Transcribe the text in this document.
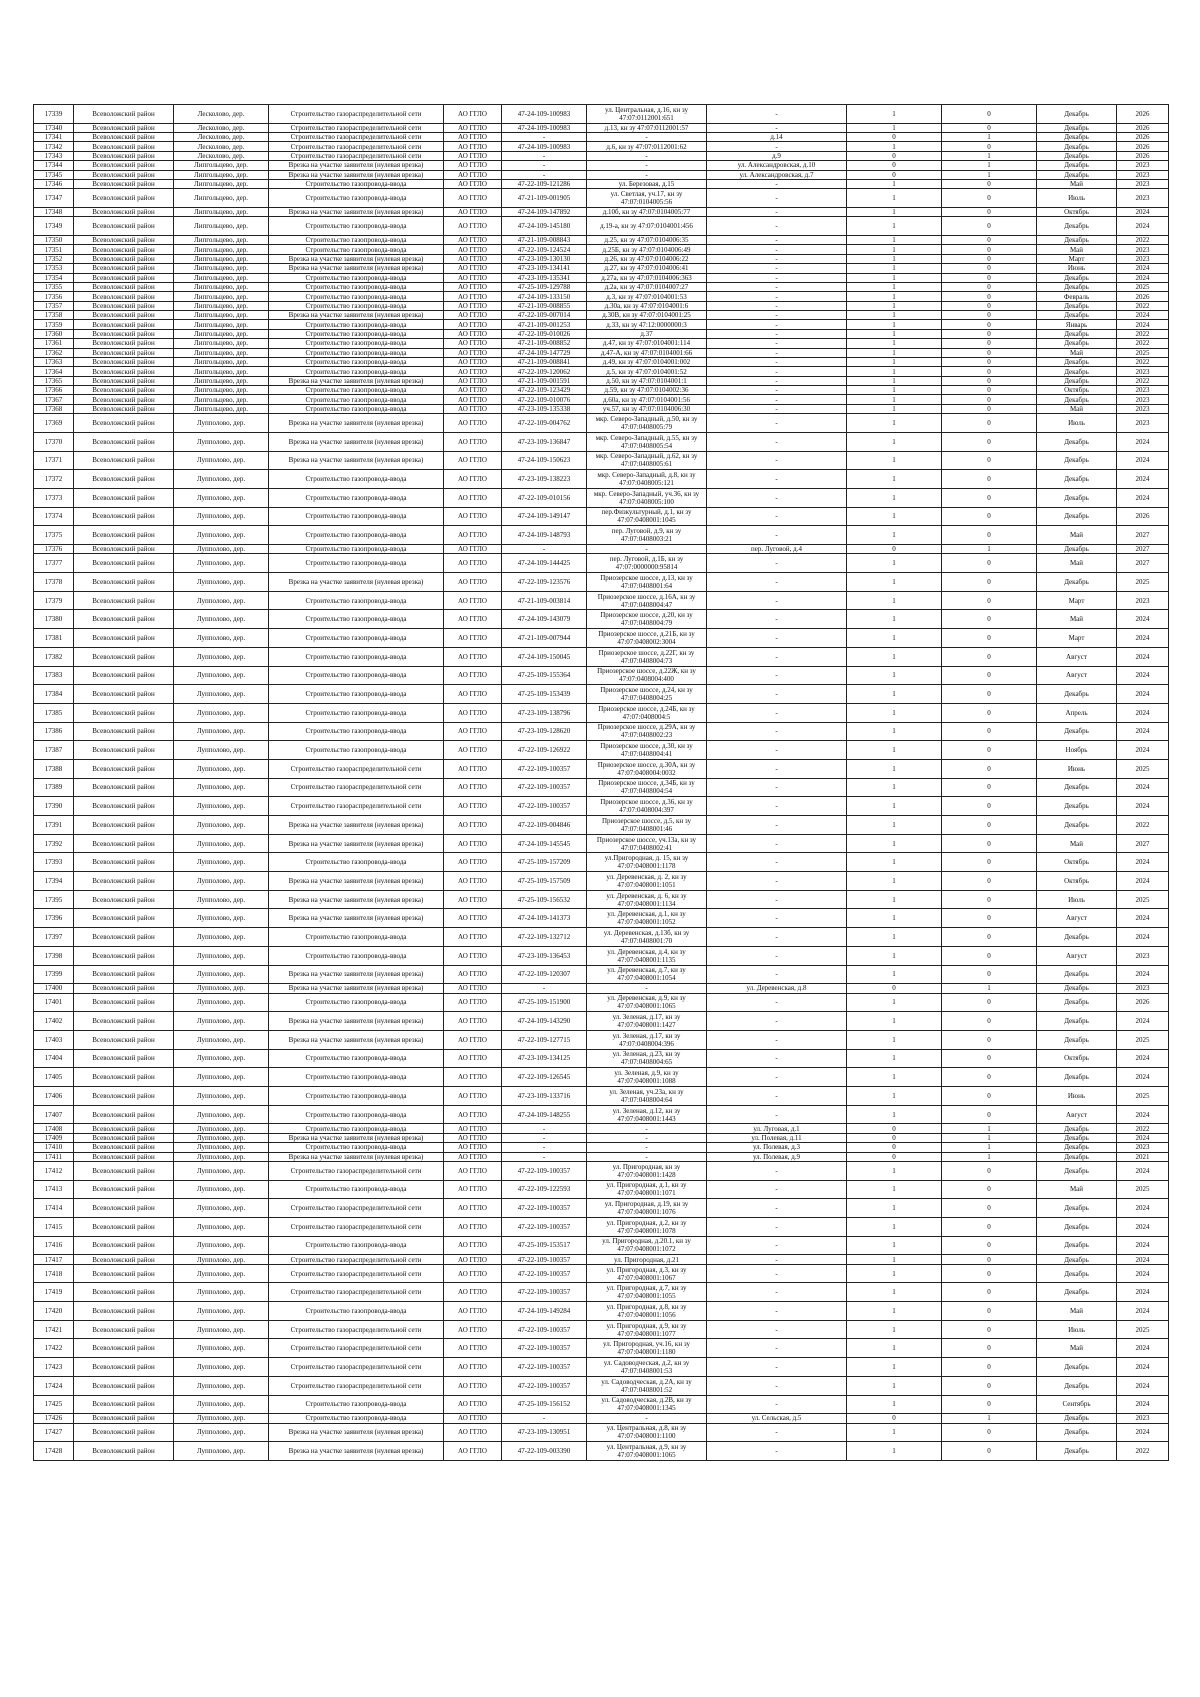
17339	Всеволожский район	Лесколово, дер.	Строительство газораспределительной сети	АО ГГЛО	47-24-109-100983	ул. Центральная, д.16, кн зу 47:07:0112001:651	-	1	0	Декабрь	2026
17340	Всеволожский район	Лесколово, дер.	Строительство газораспределительной сети	АО ГГЛО	47-24-109-100983	д.13, кн зу 47:07:0112001:57	-	1	0	Декабрь	2026
17341	Всеволожский район	Лесколово, дер.	Строительство газораспределительной сети	АО ГГЛО	-	-	д.14	0	1	Декабрь	2026
17342	Всеволожский район	Лесколово, дер.	Строительство газораспределительной сети	АО ГГЛО	47-24-109-100983	д.6, кн зу 47:07:0112001:62	-	1	0	Декабрь	2026
17343	Всеволожский район	Лесколово, дер.	Строительство газораспределительной сети	АО ГГЛО	-	-	д.9	0	1	Декабрь	2026
17344	Всеволожский район	Липгольцево, дер.	Врезка на участке заявителя (нулевая врезка)	АО ГГЛО	-	-	ул. Александровская, д.10	0	1	Декабрь	2023
17345	Всеволожский район	Липгольцево, дер.	Врезка на участке заявителя (нулевая врезка)	АО ГГЛО	-	-	ул. Александровская, д.7	0	1	Декабрь	2023
17346	Всеволожский район	Липгольцево, дер.	Строительство газопровода-ввода	АО ГГЛО	47-22-109-121286	ул. Березовая, д.15	-	1	0	Май	2023
17347	Всеволожский район	Липгольцево, дер.	Строительство газопровода-ввода	АО ГГЛО	47-21-109-001905	ул. Светлая, уч.17, кн зу 47:07:0104005:56	-	1	0	Июль	2023
17348	Всеволожский район	Липгольцево, дер.	Врезка на участке заявителя (нулевая врезка)	АО ГГЛО	47-24-109-147892	д.10б, кн зу 47:07:0104005:77	-	1	0	Октябрь	2024
17349	Всеволожский район	Липгольцево, дер.	Строительство газопровода-ввода	АО ГГЛО	47-24-109-145180	д.19-а, кн зу 47:07:0104001:456	-	1	0	Декабрь	2024
17350	Всеволожский район	Липгольцево, дер.	Строительство газопровода-ввода	АО ГГЛО	47-21-109-008843	д.25, кн зу 47:07:0104006:35	-	1	0	Декабрь	2022
17351	Всеволожский район	Липгольцево, дер.	Строительство газопровода-ввода	АО ГГЛО	47-22-109-124524	д.25Б, кн зу 47:07:0104006:49	-	1	0	Май	2023
17352	Всеволожский район	Липгольцево, дер.	Врезка на участке заявителя (нулевая врезка)	АО ГГЛО	47-23-109-130130	д.26, кн зу 47:07:0104006:22	-	1	0	Март	2023
17353	Всеволожский район	Липгольцево, дер.	Врезка на участке заявителя (нулевая врезка)	АО ГГЛО	47-23-109-134141	д.27, кн зу 47:07:0104006:41	-	1	0	Июнь	2024
17354	Всеволожский район	Липгольцево, дер.	Строительство газопровода-ввода	АО ГГЛО	47-23-109-135341	д.27а, кн зу 47:07:0104006:363	-	1	0	Декабрь	2024
17355	Всеволожский район	Липгольцево, дер.	Строительство газопровода-ввода	АО ГГЛО	47-25-109-129788	д.2а, кн зу 47:07:0104007:27	-	1	0	Декабрь	2025
17356	Всеволожский район	Липгольцево, дер.	Строительство газопровода-ввода	АО ГГЛО	47-24-109-133150	д.3, кн зу 47:07:0104001:53	-	1	0	Февраль	2026
17357	Всеволожский район	Липгольцево, дер.	Строительство газопровода-ввода	АО ГГЛО	47-21-109-008855	д.30а, кн зу 47:07:0104001:6	-	1	0	Декабрь	2022
17358	Всеволожский район	Липгольцево, дер.	Врезка на участке заявителя (нулевая врезка)	АО ГГЛО	47-22-109-007014	д.30В, кн зу 47:07:0104001:25	-	1	0	Декабрь	2024
17359	Всеволожский район	Липгольцево, дер.	Строительство газопровода-ввода	АО ГГЛО	47-21-109-001253	д.33, кн зу 47:12:0000000:3	-	1	0	Январь	2024
17360	Всеволожский район	Липгольцево, дер.	Строительство газопровода-ввода	АО ГГЛО	47-22-109-010026	д.37	-	1	0	Декабрь	2022
17361	Всеволожский район	Липгольцево, дер.	Строительство газопровода-ввода	АО ГГЛО	47-21-109-008852	д.47, кн зу 47:07:0104001:114	-	1	0	Декабрь	2022
17362	Всеволожский район	Липгольцево, дер.	Строительство газопровода-ввода	АО ГГЛО	47-24-109-147729	д.47-А, кн зу 47:07:0104001:66	-	1	0	Май	2025
17363	Всеволожский район	Липгольцево, дер.	Строительство газопровода-ввода	АО ГГЛО	47-21-109-008841	д.49, кн зу 47:07:0104001:002	-	1	0	Декабрь	2022
17364	Всеволожский район	Липгольцево, дер.	Строительство газопровода-ввода	АО ГГЛО	47-22-109-120062	д.5, кн зу 47:07:0104001:52	-	1	0	Декабрь	2023
17365	Всеволожский район	Липгольцево, дер.	Врезка на участке заявителя (нулевая врезка)	АО ГГЛО	47-21-109-001591	д.50, кн зу 47:07:0104001:1	-	1	0	Декабрь	2022
17366	Всеволожский район	Липгольцево, дер.	Строительство газопровода-ввода	АО ГГЛО	47-22-109-123429	д.59, кн зу 47:07:0104002:36	-	1	0	Октябрь	2023
17367	Всеволожский район	Липгольцево, дер.	Строительство газопровода-ввода	АО ГГЛО	47-22-109-010076	д.60а, кн зу 47:07:0104001:56	-	1	0	Декабрь	2023
17368	Всеволожский район	Липгольцево, дер.	Строительство газопровода-ввода	АО ГГЛО	47-23-109-135338	уч.57, кн зу 47:07:0104006:30	-	1	0	Май	2023
17369	Всеволожский район	Лупполово, дер.	Врезка на участке заявителя (нулевая врезка)	АО ГГЛО	47-22-109-004762	мкр. Северо-Западный, д.50, кн зу 47:07:0408005:79	-	1	0	Июль	2023
17370	Всеволожский район	Лупполово, дер.	Врезка на участке заявителя (нулевая врезка)	АО ГГЛО	47-23-109-136847	мкр. Северо-Западный, д.55, кн зу 47:07:0408005:54	-	1	0	Декабрь	2024
17371	Всеволожский район	Лупполово, дер.	Врезка на участке заявителя (нулевая врезка)	АО ГГЛО	47-24-109-150623	мкр. Северо-Западный, д.62, кн зу 47:07:0408005:61	-	1	0	Декабрь	2024
17372	Всеволожский район	Лупполово, дер.	Строительство газопровода-ввода	АО ГГЛО	47-23-109-138223	мкр. Северо-Западный, д.8, кн зу 47:07:0408005:121	-	1	0	Декабрь	2024
17373	Всеволожский район	Лупполово, дер.	Строительство газопровода-ввода	АО ГГЛО	47-22-109-010156	мкр. Северо-Западный, уч.36, кн зу 47:07:0408005:100	-	1	0	Декабрь	2024
17374	Всеволожский район	Лупполово, дер.	Строительство газопровода-ввода	АО ГГЛО	47-24-109-149147	пер.Физкультурный, д.1, кн зу 47:07:0408001:1045	-	1	0	Декабрь	2026
17375	Всеволожский район	Лупполово, дер.	Строительство газопровода-ввода	АО ГГЛО	47-24-109-148793	пер. Луговой, д.9, кн зу 47:07:0408003:21	-	1	0	Май	2027
17376	Всеволожский район	Лупполово, дер.	Строительство газопровода-ввода	АО ГГЛО	-	-	пер. Луговой, д.4	0	1	Декабрь	2027
17377	Всеволожский район	Лупполово, дер.	Строительство газопровода-ввода	АО ГГЛО	47-24-109-144425	пер. Луговой, д.1Б, кн зу 47:07:0000000:95814	-	1	0	Май	2027
17378	Всеволожский район	Лупполово, дер.	Врезка на участке заявителя (нулевая врезка)	АО ГГЛО	47-22-109-123576	Приозерское шоссе, д.13, кн зу 47:07:0408001:64	-	1	0	Декабрь	2025
17379	Всеволожский район	Лупполово, дер.	Строительство газопровода-ввода	АО ГГЛО	47-21-109-003814	Приозерское шоссе, д.16А, кн зу 47:07:0408004:47	-	1	0	Март	2023
17380	Всеволожский район	Лупполово, дер.	Строительство газопровода-ввода	АО ГГЛО	47-24-109-143079	Приозерское шоссе, д.20, кн зу 47:07:0408004:79	-	1	0	Май	2024
17381	Всеволожский район	Лупполово, дер.	Строительство газопровода-ввода	АО ГГЛО	47-21-109-007944	Приозерское шоссе, д.21Б, кн зу 47:07:0408002:3004	-	1	0	Март	2024
17382	Всеволожский район	Лупполово, дер.	Строительство газопровода-ввода	АО ГГЛО	47-24-109-150045	Приозерское шоссе, д.22Г, кн зу 47:07:0408004:73	-	1	0	Август	2024
17383	Всеволожский район	Лупполово, дер.	Строительство газопровода-ввода	АО ГГЛО	47-25-109-155364	Приозерское шоссе, д.22Ж, кн зу 47:07:0408004:400	-	1	0	Август	2024
17384	Всеволожский район	Лупполово, дер.	Строительство газопровода-ввода	АО ГГЛО	47-25-109-153439	Приозерское шоссе, д.24, кн зу 47:07:0408004:25	-	1	0	Декабрь	2024
17385	Всеволожский район	Лупполово, дер.	Строительство газопровода-ввода	АО ГГЛО	47-23-109-138796	Приозерское шоссе, д.24Б, кн зу 47:07:0408004:5	-	1	0	Апрель	2024
17386	Всеволожский район	Лупполово, дер.	Строительство газопровода-ввода	АО ГГЛО	47-23-109-128620	Приозерское шоссе, д.29А, кн зу 47:07:0408002:23	-	1	0	Декабрь	2024
17387	Всеволожский район	Лупполово, дер.	Строительство газопровода-ввода	АО ГГЛО	47-22-109-126922	Приозерское шоссе, д.30, кн зу 47:07:0408004:41	-	1	0	Ноябрь	2024
17388	Всеволожский район	Лупполово, дер.	Строительство газораспределительной сети	АО ГГЛО	47-22-109-100357	Приозерское шоссе, д.30А, кн зу 47:07:0408004:0032	-	1	0	Июнь	2025
17389	Всеволожский район	Лупполово, дер.	Строительство газораспределительной сети	АО ГГЛО	47-22-109-100357	Приозерское шоссе, д.34Б, кн зу 47:07:0408004:54	-	1	0	Декабрь	2024
17390	Всеволожский район	Лупполово, дер.	Строительство газораспределительной сети	АО ГГЛО	47-22-109-100357	Приозерское шоссе, д.36, кн зу 47:07:0408004:397	-	1	0	Декабрь	2024
17391	Всеволожский район	Лупполово, дер.	Врезка на участке заявителя (нулевая врезка)	АО ГГЛО	47-22-109-004846	Приозерское шоссе, д.5, кн зу 47:07:0408001:46	-	1	0	Декабрь	2022
17392	Всеволожский район	Лупполово, дер.	Врезка на участке заявителя (нулевая врезка)	АО ГГЛО	47-24-109-145545	Приозерское шоссе, уч.13а, кн зу 47:07:0408002:41	-	1	0	Май	2027
17393	Всеволожский район	Лупполово, дер.	Строительство газопровода-ввода	АО ГГЛО	47-25-109-157209	ул.Пригородная, д. 15, кн зу 47:07:0408001:1178	-	1	0	Октябрь	2024
17394	Всеволожский район	Лупполово, дер.	Врезка на участке заявителя (нулевая врезка)	АО ГГЛО	47-25-109-157509	ул. Деревенская, д. 2, кн зу 47:07:0408001:1051	-	1	0	Октябрь	2024
17395	Всеволожский район	Лупполово, дер.	Врезка на участке заявителя (нулевая врезка)	АО ГГЛО	47-25-109-156532	ул. Деревенская, д. 6, кн зу 47:07:0408001:1134	-	1	0	Июль	2025
17396	Всеволожский район	Лупполово, дер.	Врезка на участке заявителя (нулевая врезка)	АО ГГЛО	47-24-109-141373	ул. Деревенская, д.1, кн зу 47:07:0408001:1052	-	1	0	Август	2024
17397	Всеволожский район	Лупполово, дер.	Строительство газопровода-ввода	АО ГГЛО	47-22-109-132712	ул. Деревенская, д.13б, кн зу 47:07:0408001:70	-	1	0	Декабрь	2024
17398	Всеволожский район	Лупполово, дер.	Строительство газопровода-ввода	АО ГГЛО	47-23-109-136453	ул. Деревенская, д.4, кн зу 47:07:0408001:1135	-	1	0	Август	2023
17399	Всеволожский район	Лупполово, дер.	Врезка на участке заявителя (нулевая врезка)	АО ГГЛО	47-22-109-120307	ул. Деревенская, д.7, кн зу 47:07:0408001:1054	-	1	0	Декабрь	2024
17400	Всеволожский район	Лупполово, дер.	Врезка на участке заявителя (нулевая врезка)	АО ГГЛО	-	-	ул. Деревенская, д.8	0	1	Декабрь	2023
17401	Всеволожский район	Лупполово, дер.	Строительство газопровода-ввода	АО ГГЛО	47-25-109-151900	ул. Деревенская, д.9, кн зу 47:07:0408001:1065	-	1	0	Декабрь	2026
17402	Всеволожский район	Лупполово, дер.	Врезка на участке заявителя (нулевая врезка)	АО ГГЛО	47-24-109-143290	ул. Зеленая, д.17, кн зу 47:07:0408001:1427	-	1	0	Декабрь	2024
17403	Всеволожский район	Лупполово, дер.	Врезка на участке заявителя (нулевая врезка)	АО ГГЛО	47-22-109-127715	ул. Зеленая, д.17, кн зу 47:07:0408004:396	-	1	0	Декабрь	2025
17404	Всеволожский район	Лупполово, дер.	Строительство газопровода-ввода	АО ГГЛО	47-23-109-134125	ул. Зеленая, д.23, кн зу 47:07:0408004:65	-	1	0	Октябрь	2024
17405	Всеволожский район	Лупполово, дер.	Строительство газопровода-ввода	АО ГГЛО	47-22-109-126545	ул. Зеленая, д.9, кн зу 47:07:0408001:1088	-	1	0	Декабрь	2024
17406	Всеволожский район	Лупполово, дер.	Строительство газопровода-ввода	АО ГГЛО	47-23-109-133716	ул. Зеленая, уч.23а, кн зу 47:07:0408004:64	-	1	0	Июнь	2025
17407	Всеволожский район	Лупполово, дер.	Строительство газопровода-ввода	АО ГГЛО	47-24-109-148255	ул. Зеленая, д.12, кн зу 47:07:0408001:1443	-	1	0	Август	2024
17408	Всеволожский район	Лупполово, дер.	Строительство газопровода-ввода	АО ГГЛО	-	-	ул. Луговая, д.1	0	1	Декабрь	2022
17409	Всеволожский район	Лупполово, дер.	Врезка на участке заявителя (нулевая врезка)	АО ГГЛО	-	-	ул. Полевая, д.11	0	1	Декабрь	2024
17410	Всеволожский район	Лупполово, дер.	Строительство газопровода-ввода	АО ГГЛО	-	-	ул. Полевая, д.3	0	1	Декабрь	2023
17411	Всеволожский район	Лупполово, дер.	Врезка на участке заявителя (нулевая врезка)	АО ГГЛО	-	-	ул. Полевая, д.9	0	1	Декабрь	2021
17412	Всеволожский район	Лупполово, дер.	Строительство газораспределительной сети	АО ГГЛО	47-22-109-100357	ул. Пригородная, кн зу 47:07:0408001:1428	-	1	0	Декабрь	2024
17413	Всеволожский район	Лупполово, дер.	Строительство газопровода-ввода	АО ГГЛО	47-22-109-122593	ул. Пригородная, д.1, кн зу 47:07:0408001:1071	-	1	0	Май	2025
17414	Всеволожский район	Лупполово, дер.	Строительство газораспределительной сети	АО ГГЛО	47-22-109-100357	ул. Пригородная, д.19, кн зу 47:07:0408001:1076	-	1	0	Декабрь	2024
17415	Всеволожский район	Лупполово, дер.	Строительство газораспределительной сети	АО ГГЛО	47-22-109-100357	ул. Пригородная, д.2, кн зу 47:07:0408001:1078	-	1	0	Декабрь	2024
17416	Всеволожский район	Лупполово, дер.	Строительство газопровода-ввода	АО ГГЛО	47-25-109-153517	ул. Пригородная, д.20.1, кн зу 47:07:0408001:1072	-	1	0	Декабрь	2024
17417	Всеволожский район	Лупполово, дер.	Строительство газораспределительной сети	АО ГГЛО	47-22-109-100357	ул. Пригородная, д.21	-	1	0	Декабрь	2024
17418	Всеволожский район	Лупполово, дер.	Строительство газораспределительной сети	АО ГГЛО	47-22-109-100357	ул. Пригородная, д.3, кн зу 47:07:0408001:1067	-	1	0	Декабрь	2024
17419	Всеволожский район	Лупполово, дер.	Строительство газораспределительной сети	АО ГГЛО	47-22-109-100357	ул. Пригородная, д.7, кн зу 47:07:0408001:1055	-	1	0	Декабрь	2024
17420	Всеволожский район	Лупполово, дер.	Строительство газопровода-ввода	АО ГГЛО	47-24-109-149284	ул. Пригородная, д.8, кн зу 47:07:0408001:1056	-	1	0	Май	2024
17421	Всеволожский район	Лупполово, дер.	Строительство газораспределительной сети	АО ГГЛО	47-22-109-100357	ул. Пригородная, д.9, кн зу 47:07:0408001:1077	-	1	0	Июль	2025
17422	Всеволожский район	Лупполово, дер.	Строительство газораспределительной сети	АО ГГЛО	47-22-109-100357	ул. Пригородная, уч.16, кн зу 47:07:0408001:1180	-	1	0	Май	2024
17423	Всеволожский район	Лупполово, дер.	Строительство газораспределительной сети	АО ГГЛО	47-22-109-100357	ул. Садоводческая, д.2, кн зу 47:07:0408001:53	-	1	0	Декабрь	2024
17424	Всеволожский район	Лупполово, дер.	Строительство газораспределительной сети	АО ГГЛО	47-22-109-100357	ул. Садоводческая, д.2А, кн зу 47:07:0408001:52	-	1	0	Декабрь	2024
17425	Всеволожский район	Лупполово, дер.	Строительство газопровода-ввода	АО ГГЛО	47-25-109-156152	ул. Садоводческая, д.2В, кн зу 47:07:0408001:1345	-	1	0	Сентябрь	2024
17426	Всеволожский район	Лупполово, дер.	Строительство газопровода-ввода	АО ГГЛО	-	-	ул. Сельская, д.5	0	1	Декабрь	2023
17427	Всеволожский район	Лупполово, дер.	Врезка на участке заявителя (нулевая врезка)	АО ГГЛО	47-23-109-130951	ул. Центральная, д.8, кн зу 47:07:0408001:1100	-	1	0	Декабрь	2024
17428	Всеволожский район	Лупполово, дер.	Врезка на участке заявителя (нулевая врезка)	АО ГГЛО	47-22-109-003390	ул. Центральная, д.9, кн зу 47:07:0408001:1065	-	1	0	Декабрь	2022
